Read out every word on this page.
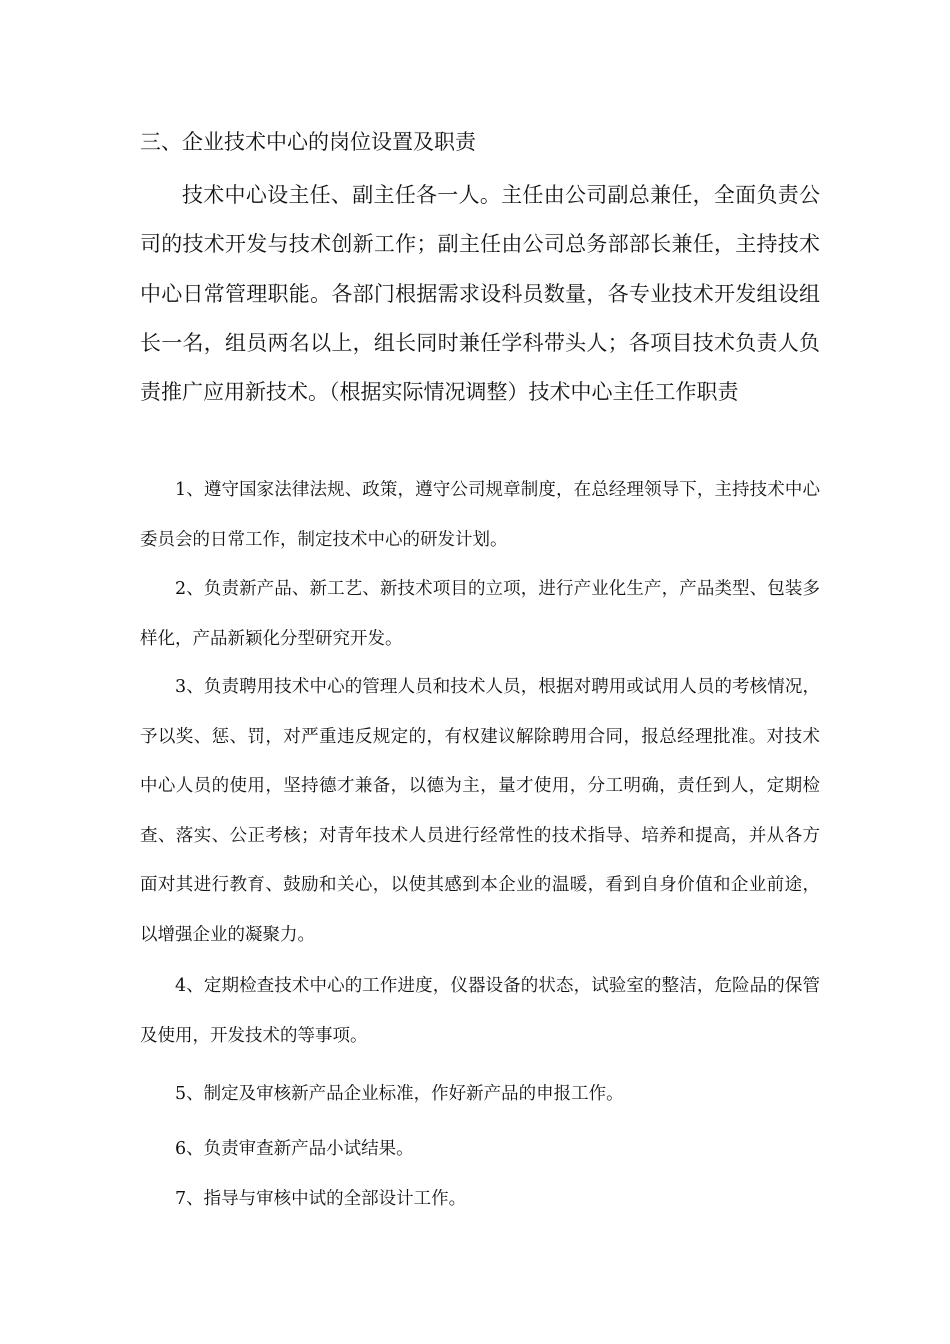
三、企业技术中心的岗位设置及职责

技术中心设主任、副主任各一人。主任由公司副总兼任，全面负责公司的技术开发与技术创新工作；副主任由公司总务部部长兼任，主持技术中心日常管理职能。各部门根据需求设科员数量，各专业技术开发组设组长一名，组员两名以上，组长同时兼任学科带头人；各项目技术负责人负责推广应用新技术。（根据实际情况调整）技术中心主任工作职责

1、遵守国家法律法规、政策，遵守公司规章制度，在总经理领导下，主持技术中心委员会的日常工作，制定技术中心的研发计划。

2、负责新产品、新工艺、新技术项目的立项，进行产业化生产，产品类型、包装多样化，产品新颖化分型研究开发。

3、负责聘用技术中心的管理人员和技术人员，根据对聘用或试用人员的考核情况，予以奖、惩、罚，对严重违反规定的，有权建议解除聘用合同，报总经理批准。对技术中心人员的使用，坚持德才兼备，以德为主，量才使用，分工明确，责任到人，定期检查、落实、公正考核；对青年技术人员进行经常性的技术指导、培养和提高，并从各方面对其进行教育、鼓励和关心，以使其感到本企业的温暖，看到自身价值和企业前途，以增强企业的凝聚力。

4、定期检查技术中心的工作进度，仪器设备的状态，试验室的整洁，危险品的保管及使用，开发技术的等事项。

5、制定及审核新产品企业标准，作好新产品的申报工作。

6、负责审查新产品小试结果。

7、指导与审核中试的全部设计工作。
